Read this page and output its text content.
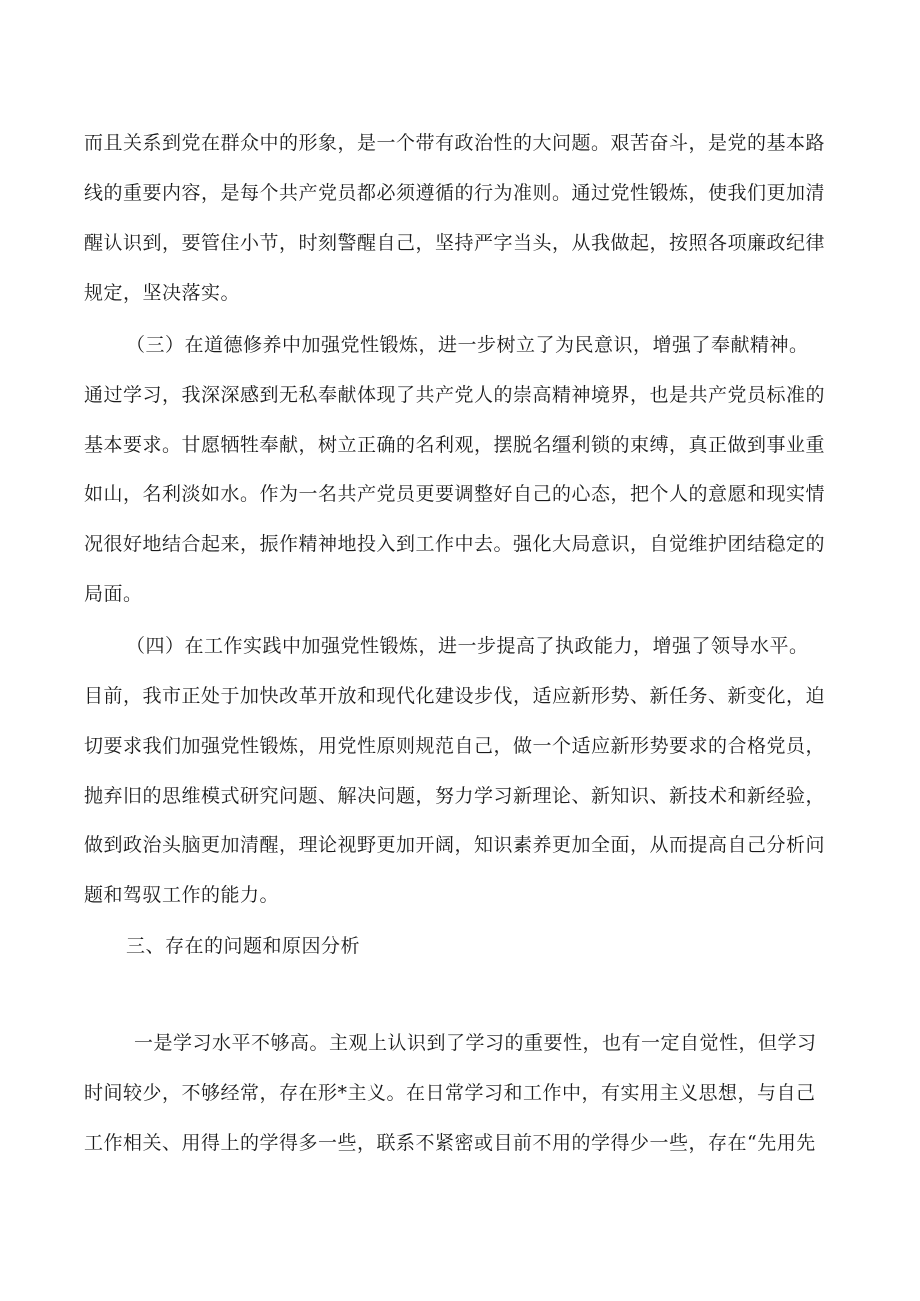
而且关系到党在群众中的形象，是一个带有政治性的大问题。艰苦奋斗，是党的基本路
线的重要内容，是每个共产党员都必须遵循的行为准则。通过党性锻炼，使我们更加清
醒认识到，要管住小节，时刻警醒自己，坚持严字当头，从我做起，按照各项廉政纪律
规定，坚决落实。
（三）在道德修养中加强党性锻炼，进一步树立了为民意识，增强了奉献精神。
通过学习，我深深感到无私奉献体现了共产党人的崇高精神境界，也是共产党员标准的
基本要求。甘愿牺牲奉献，树立正确的名利观，摆脱名缰利锁的束缚，真正做到事业重
如山，名利淡如水。作为一名共产党员更要调整好自己的心态，把个人的意愿和现实情
况很好地结合起来，振作精神地投入到工作中去。强化大局意识，自觉维护团结稳定的
局面。
（四）在工作实践中加强党性锻炼，进一步提高了执政能力，增强了领导水平。
目前，我市正处于加快改革开放和现代化建设步伐，适应新形势、新任务、新变化，迫
切要求我们加强党性锻炼，用党性原则规范自己，做一个适应新形势要求的合格党员，
抛弃旧的思维模式研究问题、解决问题，努力学习新理论、新知识、新技术和新经验，
做到政治头脑更加清醒，理论视野更加开阔，知识素养更加全面，从而提高自己分析问
题和驾驭工作的能力。
三、存在的问题和原因分析
一是学习水平不够高。主观上认识到了学习的重要性，也有一定自觉性，但学习
时间较少，不够经常，存在形*主义。在日常学习和工作中，有实用主义思想，与自己
工作相关、用得上的学得多一些，联系不紧密或目前不用的学得少一些，存在“先用先
